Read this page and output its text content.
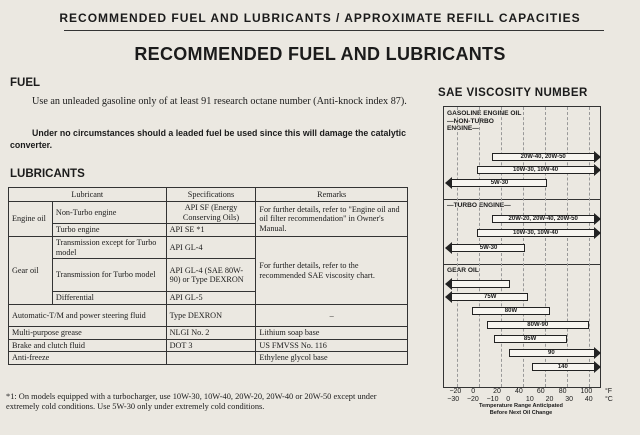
RECOMMENDED FUEL AND LUBRICANTS / APPROXIMATE REFILL CAPACITIES
RECOMMENDED FUEL AND LUBRICANTS
FUEL
Use an unleaded gasoline only of at least 91 research octane number (Anti-knock index 87).
Under no circumstances should a leaded fuel be used since this will damage the catalytic converter.
LUBRICANTS
Lubricant		Specifications	Remarks
Engine oil	Non-Turbo engine	API SF (Energy Conserving Oils)	For further details, refer to "Engine oil and oil filter recommendation" in Owner's Manual.
	Turbo engine	API SE *1	
Gear oil	Transmission except for Turbo model	API GL-4	For further details, refer to the recommended SAE viscosity chart.
	Transmission for Turbo model	API GL-4 (SAE 80W-90) or Type DEXRON	
	Differential	API GL-5	
Automatic-T/M and power steering fluid		Type DEXRON	–
Multi-purpose grease		NLGI No. 2	Lithium soap base
Brake and clutch fluid		DOT 3	US FMVSS No. 116
Anti-freeze			Ethylene glycol base
*1: On models equipped with a turbocharger, use 10W-30, 10W-40, 20W-20, 20W-40 or 20W-50 except under extremely cold conditions. Use 5W-30 only under extremely cold conditions.
SAE VISCOSITY NUMBER
GASOLINE ENGINE OIL
—NON-TURBO
ENGINE—
—TURBO ENGINE—
GEAR OIL
20W-40, 20W-50
10W-30, 10W-40
5W-30
20W-20, 20W-40, 20W-50
10W-30, 10W-40
5W-30
75W
80W
80W-90
85W
90
140
Temperature Range Anticipated
Before Next Oil Change
−20 0	20 40 60 80 100 °F
−30 −20 −10 0 10 20 30 40 °C
